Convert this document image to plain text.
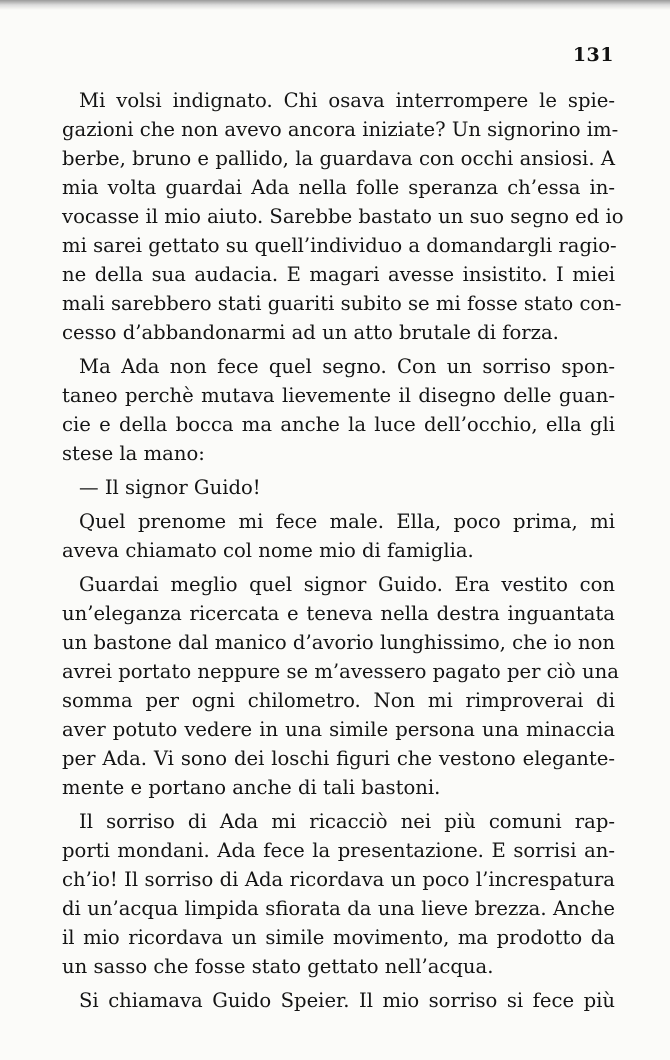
131
Mi volsi indignato. Chi osava interrompere le spie-
gazioni che non avevo ancora iniziate? Un signorino im-
berbe, bruno e pallido, la guardava con occhi ansiosi. A
mia volta guardai Ada nella folle speranza ch’essa in-
vocasse il mio aiuto. Sarebbe bastato un suo segno ed io
mi sarei gettato su quell’individuo a domandargli ragio-
ne della sua audacia. E magari avesse insistito. I miei
mali sarebbero stati guariti subito se mi fosse stato con-
cesso d’abbandonarmi ad un atto brutale di forza.
Ma Ada non fece quel segno. Con un sorriso spon-
taneo perchè mutava lievemente il disegno delle guan-
cie e della bocca ma anche la luce dell’occhio, ella gli
stese la mano:
— Il signor Guido!
Quel prenome mi fece male. Ella, poco prima, mi
aveva chiamato col nome mio di famiglia.
Guardai meglio quel signor Guido. Era vestito con
un’eleganza ricercata e teneva nella destra inguantata
un bastone dal manico d’avorio lunghissimo, che io non
avrei portato neppure se m’avessero pagato per ciò una
somma per ogni chilometro. Non mi rimproverai di
aver potuto vedere in una simile persona una minaccia
per Ada. Vi sono dei loschi figuri che vestono elegante-
mente e portano anche di tali bastoni.
Il sorriso di Ada mi ricacciò nei più comuni rap-
porti mondani. Ada fece la presentazione. E sorrisi an-
ch’io! Il sorriso di Ada ricordava un poco l’increspatura
di un’acqua limpida sfiorata da una lieve brezza. Anche
il mio ricordava un simile movimento, ma prodotto da
un sasso che fosse stato gettato nell’acqua.
Si chiamava Guido Speier. Il mio sorriso si fece più
